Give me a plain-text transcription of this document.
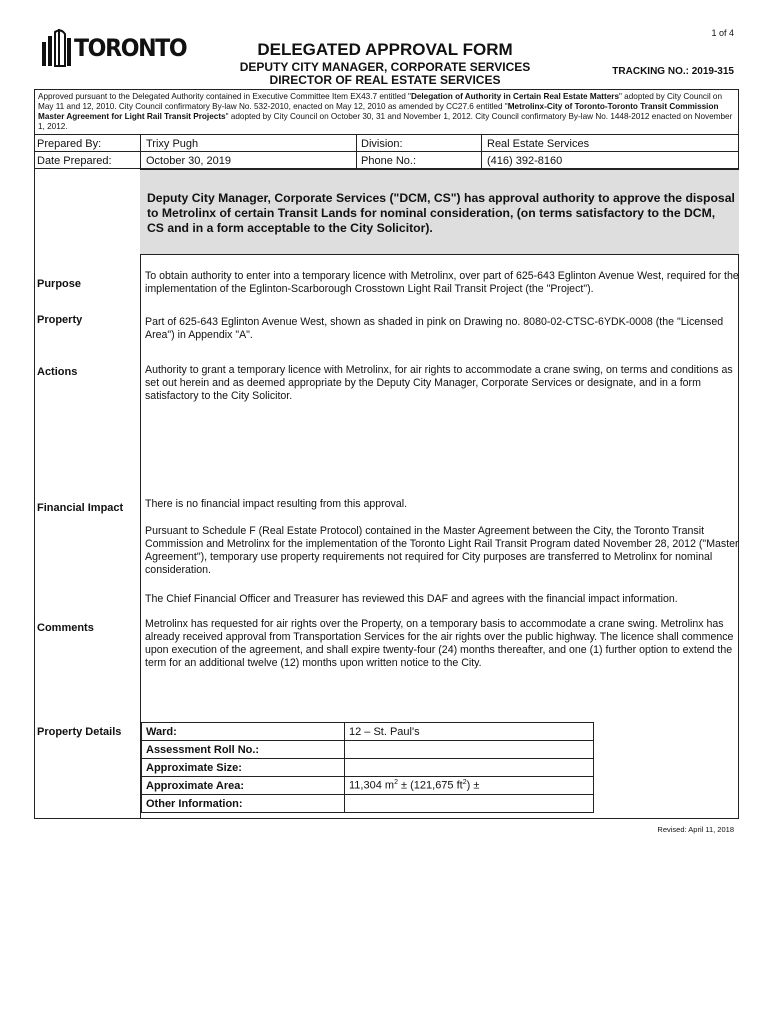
1 of 4
TORONTO	DELEGATED APPROVAL FORM
DEPUTY CITY MANAGER, CORPORATE SERVICES
DIRECTOR OF REAL ESTATE SERVICES
TRACKING NO.: 2019-315
Approved pursuant to the Delegated Authority contained in Executive Committee Item EX43.7 entitled "Delegation of Authority in Certain Real Estate Matters" adopted by City Council on May 11 and 12, 2010. City Council confirmatory By-law No. 532-2010, enacted on May 12, 2010 as amended by CC27.6 entitled "Metrolinx-City of Toronto-Toronto Transit Commission Master Agreement for Light Rail Transit Projects" adopted by City Council on October 30, 31 and November 1, 2012. City Council confirmatory By-law No. 1448-2012 enacted on November 1, 2012.
Prepared By:	Trixy Pugh	Division:	Real Estate Services
Date Prepared:	October 30, 2019	Phone No.:	(416) 392-8160
Deputy City Manager, Corporate Services ("DCM, CS") has approval authority to approve the disposal to Metrolinx of certain Transit Lands for nominal consideration, (on terms satisfactory to the DCM, CS and in a form acceptable to the City Solicitor).
Purpose
To obtain authority to enter into a temporary licence with Metrolinx, over part of 625-643 Eglinton Avenue West, required for the implementation of the Eglinton-Scarborough Crosstown Light Rail Transit Project (the "Project").
Property	Part of 625-643 Eglinton Avenue West, shown as shaded in pink on Drawing no. 8080-02-CTSC-6YDK-0008 (the "Licensed Area") in Appendix "A".
Actions	Authority to grant a temporary licence with Metrolinx, for air rights to accommodate a crane swing, on terms and conditions as set out herein and as deemed appropriate by the Deputy City Manager, Corporate Services or designate, and in a form satisfactory to the City Solicitor.
Financial Impact There is no financial impact resulting from this approval.
Pursuant to Schedule F (Real Estate Protocol) contained in the Master Agreement between the City, the Toronto Transit Commission and Metrolinx for the implementation of the Toronto Light Rail Transit Program dated November 28, 2012 ("Master Agreement"), temporary use property requirements not required for City purposes are transferred to Metrolinx for nominal consideration.
The Chief Financial Officer and Treasurer has reviewed this DAF and agrees with the financial impact information.
Comments	Metrolinx has requested for air rights over the Property, on a temporary basis to accommodate a crane swing. Metrolinx has already received approval from Transportation Services for the air rights over the public highway. The licence shall commence upon execution of the agreement, and shall expire twenty-four (24) months thereafter, and one (1) further option to extend the term for an additional twelve (12) months upon written notice to the City.
Property Details Ward:	12 – St. Paul's
Assessment Roll No.:	
Approximate Size:	
Approximate Area:	11,304 $m^2 \pm (121,675$ $ft^2$) ±
Other Information:	
Revised: April 11, 2018
